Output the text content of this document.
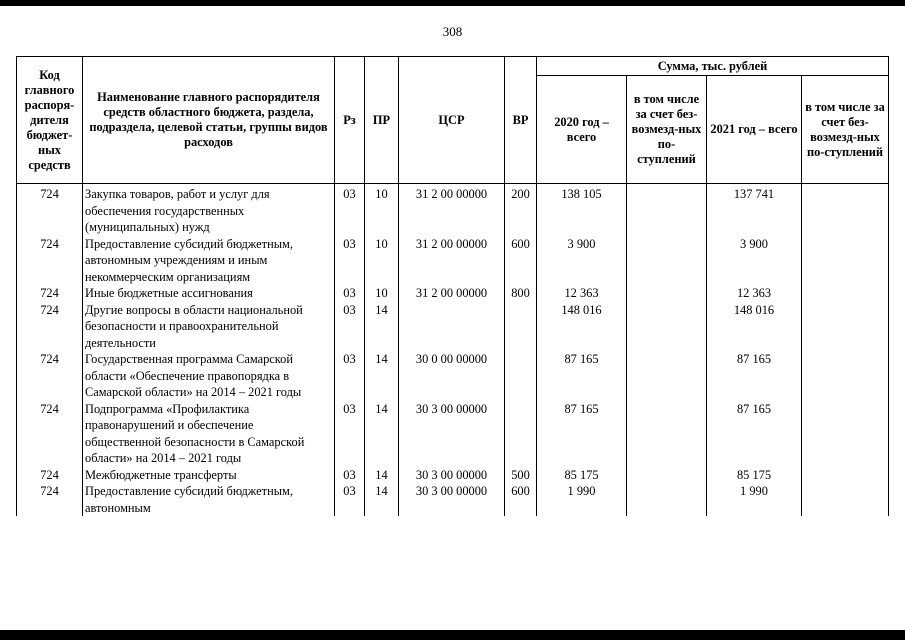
308
Код главного распоря-дителя бюджет-ных средств	Наименование главного распорядителя средств областного бюджета, раздела, подраздела, целевой статьи, группы видов расходов	Рз	ПР	ЦСР	ВР	Сумма, тыс. рублей			
						2020 год – всего	в том числе за счет без-возмезд-ных по-ступлений	2021 год – всего	в том числе за счет без-возмезд-ных по-ступлений
724	Закупка товаров, работ и услуг для обеспечения государственных (муниципальных) нужд	03	10	31 2 00 00000	200	138 105		137 741	
724	Предоставление субсидий бюджетным, автономным учреждениям и иным некоммерческим организациям	03	10	31 2 00 00000	600	3 900		3 900	
724	Иные бюджетные ассигнования	03	10	31 2 00 00000	800	12 363		12 363	
724	Другие вопросы в области национальной безопасности и правоохранительной деятельности	03	14			148 016		148 016	
724	Государственная программа Самарской области «Обеспечение правопорядка в Самарской области» на 2014 – 2021 годы	03	14	30 0 00 00000		87 165		87 165	
724	Подпрограмма «Профилактика правонарушений и обеспечение общественной безопасности в Самарской области» на 2014 – 2021 годы	03	14	30 3 00 00000		87 165		87 165	
724	Межбюджетные трансферты	03	14	30 3 00 00000	500	85 175		85 175	
724	Предоставление субсидий бюджетным, автономным	03	14	30 3 00 00000	600	1 990		1 990	
